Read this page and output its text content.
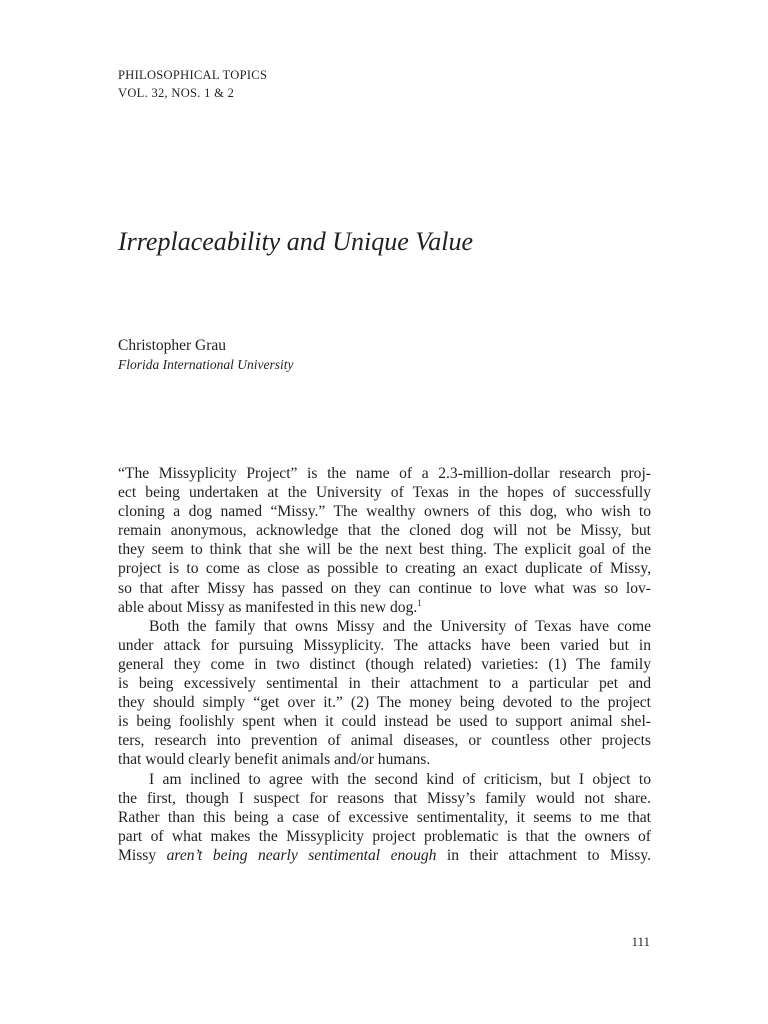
PHILOSOPHICAL TOPICS
VOL. 32, NOS. 1 & 2
Irreplaceability and Unique Value
Christopher Grau
Florida International University
“The Missyplicity Project” is the name of a 2.3-million-dollar research proj-
ect being undertaken at the University of Texas in the hopes of successfully
cloning a dog named “Missy.” The wealthy owners of this dog, who wish to
remain anonymous, acknowledge that the cloned dog will not be Missy, but
they seem to think that she will be the next best thing. The explicit goal of the
project is to come as close as possible to creating an exact duplicate of Missy,
so that after Missy has passed on they can continue to love what was so lov-
able about Missy as manifested in this new dog.$^1$
Both the family that owns Missy and the University of Texas have come
under attack for pursuing Missyplicity. The attacks have been varied but in
general they come in two distinct (though related) varieties: (1) The family
is being excessively sentimental in their attachment to a particular pet and
they should simply “get over it.” (2) The money being devoted to the project
is being foolishly spent when it could instead be used to support animal shel-
ters, research into prevention of animal diseases, or countless other projects
that would clearly benefit animals and/or humans.
I am inclined to agree with the second kind of criticism, but I object to
the first, though I suspect for reasons that Missy’s family would not share.
Rather than this being a case of excessive sentimentality, it seems to me that
part of what makes the Missyplicity project problematic is that the owners of
Missy aren’t being nearly sentimental enough in their attachment to Missy.
111
